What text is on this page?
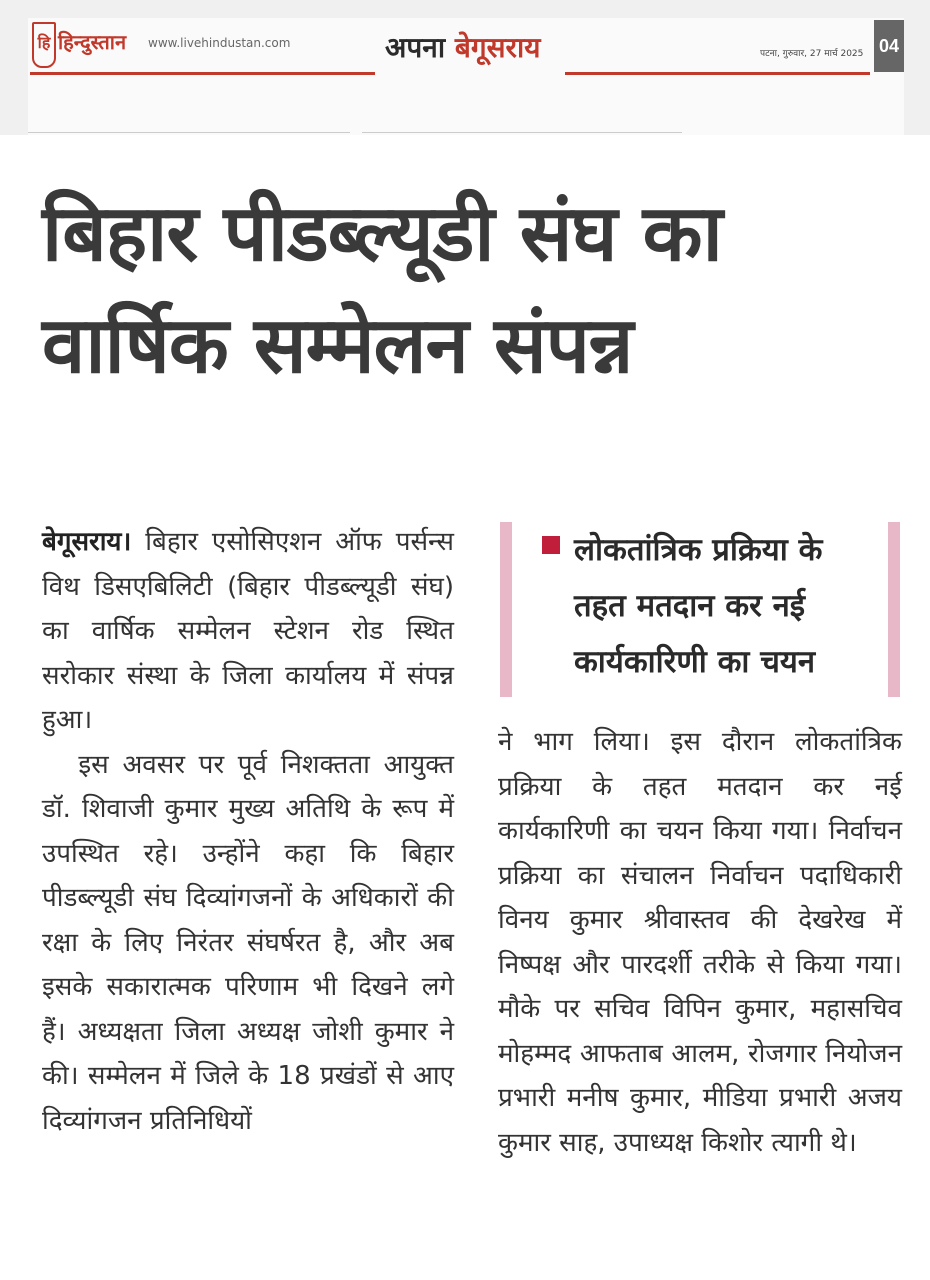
हि हिन्दुस्तान www.livehindustan.com	अपना बेगूसराय	पटना, गुरुवार, 27 मार्च 2025 04
बिहार पीडब्ल्यूडी संघ का
वार्षिक सम्मेलन संपन्न

बेगूसराय। बिहार एसोसिएशन ऑफ पर्सन्स विथ डिसएबिलिटी (बिहार पीडब्ल्यूडी संघ) का वार्षिक सम्मेलन स्टेशन रोड स्थित सरोकार संस्था के जिला कार्यालय में संपन्न हुआ।

इस अवसर पर पूर्व निशक्तता आयुक्त डॉ. शिवाजी कुमार मुख्य अतिथि के रूप में उपस्थित रहे। उन्होंने कहा कि बिहार पीडब्ल्यूडी संघ दिव्यांगजनों के अधिकारों की रक्षा के लिए निरंतर संघर्षरत है, और अब इसके सकारात्मक परिणाम भी दिखने लगे हैं। अध्यक्षता जिला अध्यक्ष जोशी कुमार ने की। सम्मेलन में जिले के 18 प्रखंडों से आए दिव्यांगजन प्रतिनिधियों

लोकतांत्रिक प्रक्रिया के तहत मतदान कर नई कार्यकारिणी का चयन

ने भाग लिया। इस दौरान लोकतांत्रिक प्रक्रिया के तहत मतदान कर नई कार्यकारिणी का चयन किया गया। निर्वाचन प्रक्रिया का संचालन निर्वाचन पदाधिकारी विनय कुमार श्रीवास्तव की देखरेख में निष्पक्ष और पारदर्शी तरीके से किया गया। मौके पर सचिव विपिन कुमार, महासचिव मोहम्मद आफताब आलम, रोजगार नियोजन प्रभारी मनीष कुमार, मीडिया प्रभारी अजय कुमार साह, उपाध्यक्ष किशोर त्यागी थे।
